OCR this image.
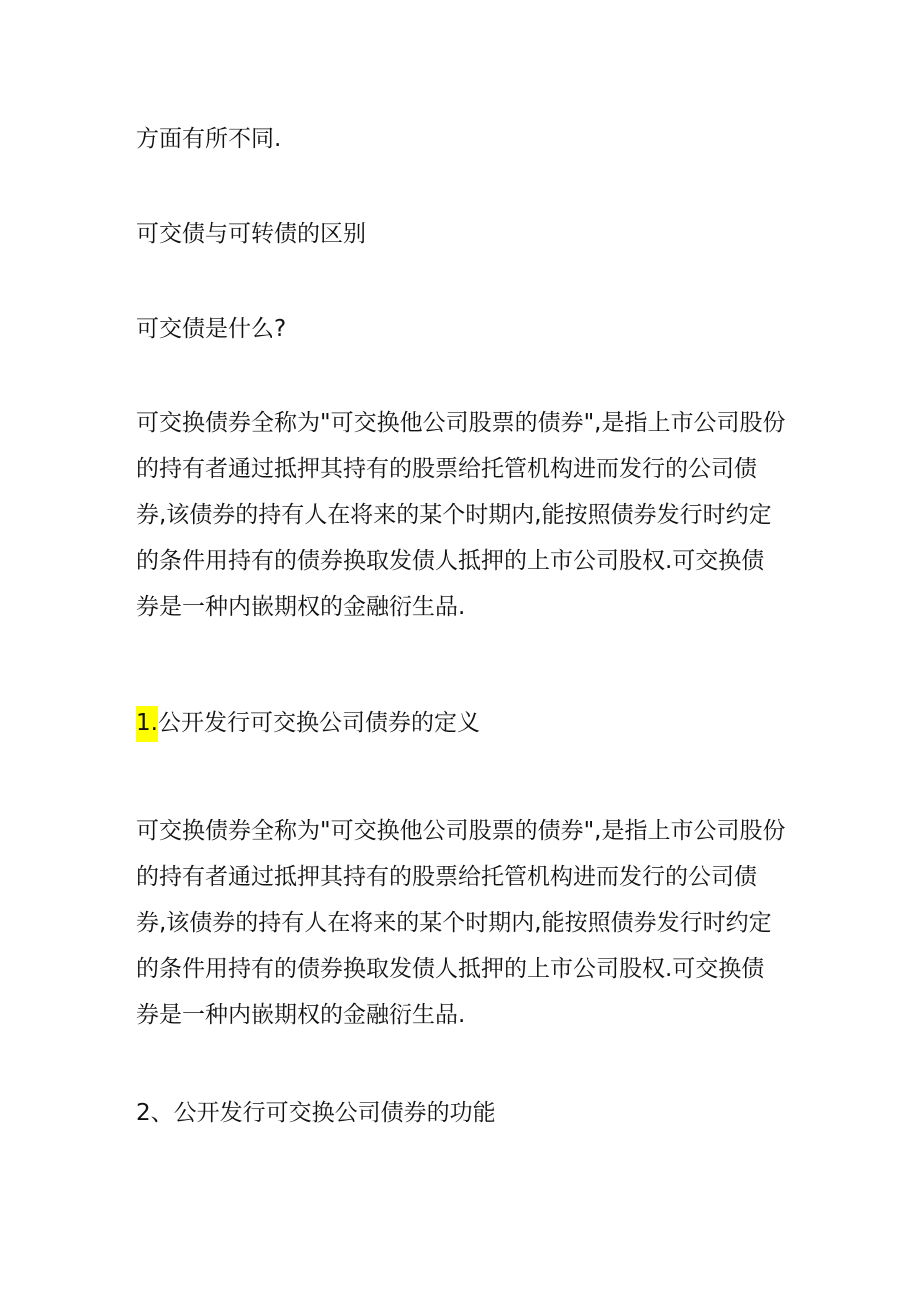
方面有所不同.
可交债与可转债的区别
可交债是什么?
可交换债券全称为"可交换他公司股票的债券",是指上市公司股份
的持有者通过抵押其持有的股票给托管机构进而发行的公司债
券,该债券的持有人在将来的某个时期内,能按照债券发行时约定
的条件用持有的债券换取发债人抵押的上市公司股权.可交换债
券是一种内嵌期权的金融衍生品.
1.公开发行可交换公司债券的定义
可交换债券全称为"可交换他公司股票的债券",是指上市公司股份
的持有者通过抵押其持有的股票给托管机构进而发行的公司债
券,该债券的持有人在将来的某个时期内,能按照债券发行时约定
的条件用持有的债券换取发债人抵押的上市公司股权.可交换债
券是一种内嵌期权的金融衍生品.
2、公开发行可交换公司债券的功能
